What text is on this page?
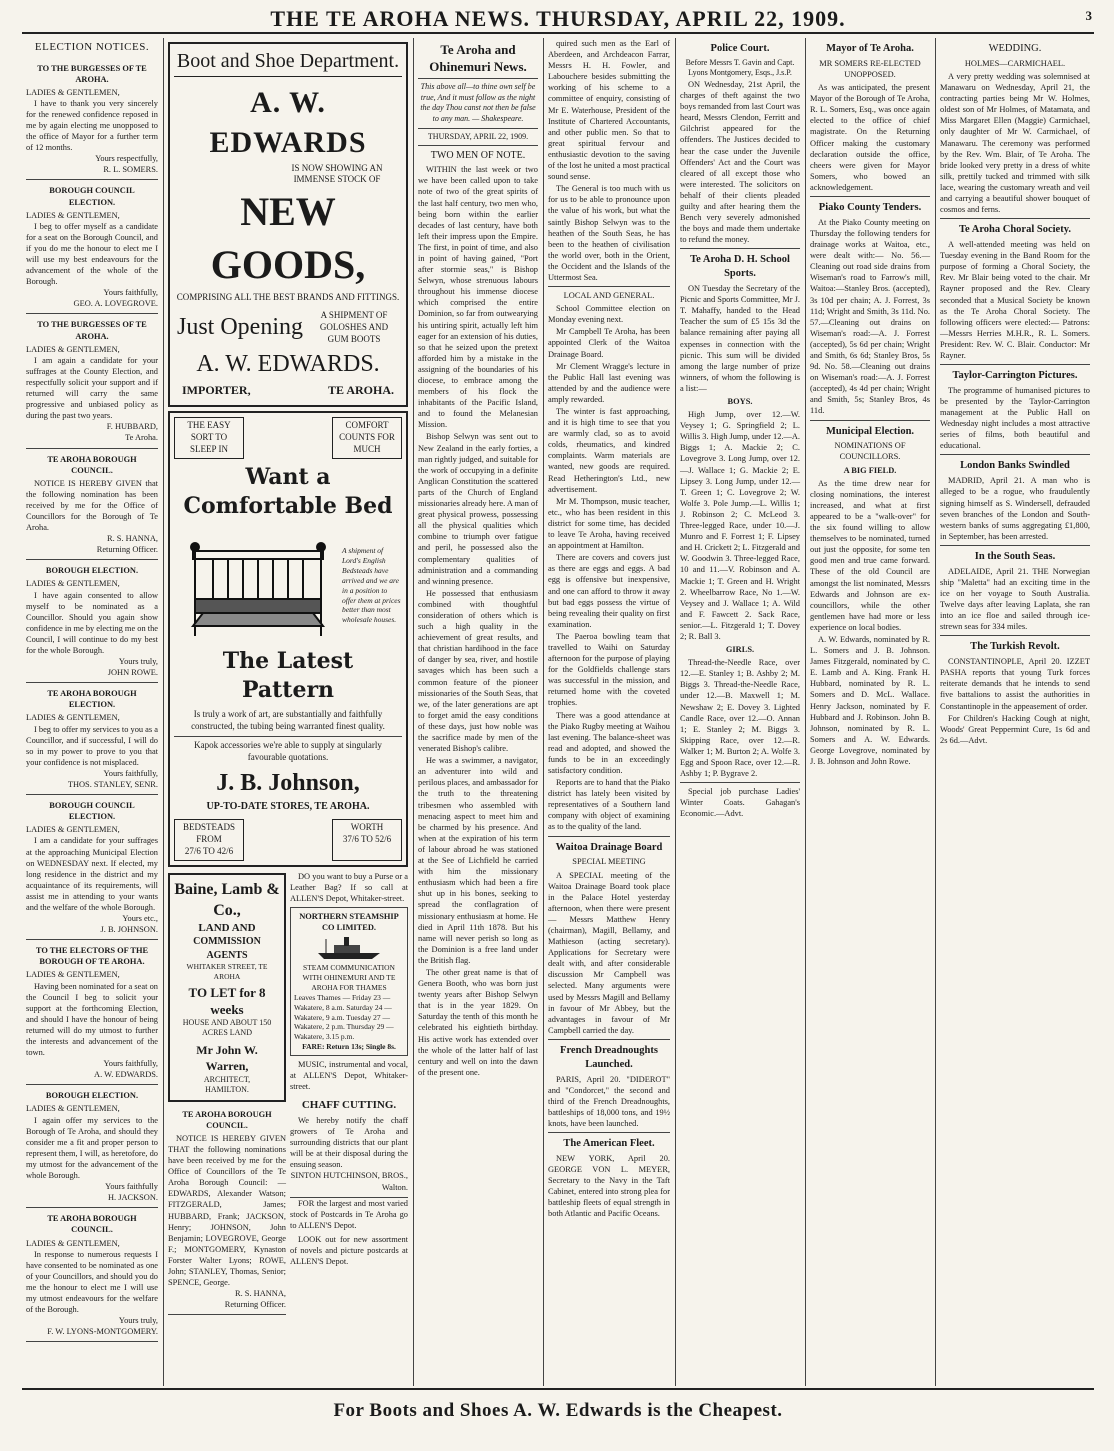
THE TE AROHA NEWS. THURSDAY, APRIL 22, 1909.	3
ELECTION NOTICES.
TO THE BURGESSES OF TE AROHA.
LADIES & GENTLEMEN,

I have to thank you very sincerely for the renewed confidence reposed in me by again electing me unopposed to the office of Mayor for a further term of 12 months.

Yours respectfully,
R. L. SOMERS.
BOROUGH COUNCIL ELECTION.
LADIES & GENTLEMEN,

I beg to offer myself as a candidate for a seat on the Borough Council, and if you do me the honour to elect me I will use my best endeavours for the advancement of the whole of the Borough.

Yours faithfully,
GEO. A. LOVEGROVE.
TO THE BURGESSES OF TE AROHA.
LADIES & GENTLEMEN,

I am again a candidate for your suffrages at the County Election, and respectfully solicit your support and if returned will carry the same progressive and unbiased policy as during the past two years.

F. HUBBARD,
Te Aroha.
TE AROHA BOROUGH COUNCIL.

NOTICE IS HEREBY GIVEN that the following nomination has been received by me for the Office of Councillors for the Borough of Te Aroha.

R. S. HANNA,
Returning Officer.
BOROUGH ELECTION.
LADIES & GENTLEMEN,

I have again consented to allow myself to be nominated as a Councillor. Should you again show confidence in me by electing me on the Council, I will continue to do my best for the whole Borough.

Yours truly,
JOHN ROWE.
TE AROHA BOROUGH ELECTION.
LADIES & GENTLEMEN,

I beg to offer my services to you as a Councillor, and if successful, I will do so in my power to prove to you that your confidence is not misplaced.

Yours faithfully,
THOS. STANLEY, SENR.
BOROUGH COUNCIL ELECTION.
LADIES & GENTLEMEN,

I am a candidate for your suffrages at the approaching Municipal Election on WEDNESDAY next. If elected, my long residence in the district and my acquaintance of its requirements, will assist me in attending to your wants and the welfare of the whole Borough.

Yours etc.,
J. B. JOHNSON.
TO THE ELECTORS OF THE BOROUGH OF TE AROHA.
LADIES & GENTLEMEN,

Having been nominated for a seat on the Council I beg to solicit your support at the forthcoming Election, and should I have the honour of being returned will do my utmost to further the interests and advancement of the town.

Yours faithfully,
A. W. EDWARDS.
BOROUGH ELECTION.
LADIES & GENTLEMEN,

I again offer my services to the Borough of Te Aroha, and should they consider me a fit and proper person to represent them, I will, as heretofore, do my utmost for the advancement of the whole Borough.

Yours faithfully
H. JACKSON.
TE AROHA BOROUGH COUNCIL.
LADIES & GENTLEMEN,

In response to numerous requests I have consented to be nominated as one of your Councillors, and should you do me the honour to elect me I will use my utmost endeavours for the welfare of the Borough.

Yours truly,
F. W. LYONS-MONTGOMERY.
Boot and Shoe Department.
A. W. EDWARDS
IS NOW SHOWING AN IMMENSE STOCK OF
NEW GOODS,
COMPRISING ALL THE BEST BRANDS AND FITTINGS.
Just Opening	A SHIPMENT OF GOLOSHES AND GUM BOOTS
A. W. EDWARDS.
IMPORTER,	TE AROHA.
THE EASY SORT TO SLEEP IN
COMFORT COUNTS FOR MUCH
Want a Comfortable Bed
A shipment of Lord's English Bedsteads have arrived and we are in a position to offer them at prices better than most wholesale houses.
The Latest Pattern

Is truly a work of art, are substantially and faithfully constructed, the tubing being warranted finest quality.

Kapok accessories we're able to supply at singularly favourable quotations.

J. B. Johnson,
UP-TO-DATE STORES, TE AROHA.
BEDSTEADS FROM
27/6 TO 42/6
WORTH
37/6 TO 52/6
Baine, Lamb & Co.,
LAND AND
COMMISSION AGENTS
WHITAKER STREET, TE AROHA
TO LET for 8 weeks
HOUSE AND ABOUT 150 ACRES LAND
Mr John W. Warren,
ARCHITECT,
HAMILTON.
TE AROHA BOROUGH COUNCIL.

NOTICE IS HEREBY GIVEN THAT the following nominations have been received by me for the Office of Councillors of the Te Aroha Borough Council: — EDWARDS, Alexander Watson; FITZGERALD, James; HUBBARD, Frank; JACKSON, Henry; JOHNSON, John Benjamin; LOVEGROVE, George F.; MONTGOMERY, Kynaston Forster Walter Lyons; ROWE, John; STANLEY, Thomas, Senior; SPENCE, George.

R. S. HANNA,
Returning Officer.

DO you want to buy a Purse or a Leather Bag? If so call at ALLEN'S Depot, Whitaker-street.

NORTHERN STEAMSHIP CO LIMITED.
STEAM COMMUNICATION WITH OHINEMURI AND TE AROHA FOR THAMES

Leaves Thames — Friday 23 — Wakatere, 8 a.m. Saturday 24 — Wakatere, 9 a.m. Tuesday 27 — Wakatere, 2 p.m. Thursday 29 — Wakatere, 3.15 p.m.

FARE: Return 13s; Single 8s.

MUSIC, instrumental and vocal, at ALLEN'S Depot, Whitaker-street.

CHAFF CUTTING.

We hereby notify the chaff growers of Te Aroha and surrounding districts that our plant will be at their disposal during the ensuing season.

SINTON HUTCHINSON, BROS., Walton.

FOR the largest and most varied stock of Postcards in Te Aroha go to ALLEN'S Depot.

LOOK out for new assortment of novels and picture postcards at ALLEN'S Depot.

Te Aroha and Ohinemuri News.

This above all—to thine own self be true, And it must follow as the night the day Thou canst not then be false to any man. — Shakespeare.

THURSDAY, APRIL 22, 1909.
TWO MEN OF NOTE.

WITHIN the last week or two we have been called upon to take note of two of the great spirits of the last half century, two men who, being born within the earlier decades of last century, have both left their impress upon the Empire. The first, in point of time, and also in point of having gained, "Port after stormie seas," is Bishop Selwyn, whose strenuous labours throughout his immense diocese which comprised the entire Dominion, so far from outwearying his untiring spirit, actually left him eager for an extension of his duties, so that he seized upon the pretext afforded him by a mistake in the assigning of the boundaries of his diocese, to embrace among the members of his flock the inhabitants of the Pacific Island, and to found the Melanesian Mission.

Bishop Selwyn was sent out to New Zealand in the early forties, a man rightly judged, and suitable for the work of occupying in a definite Anglican Constitution the scattered parts of the Church of England missionaries already here. A man of great physical prowess, possessing all the physical qualities which combine to triumph over fatigue and peril, he possessed also the complementary qualities of administration and a commanding and winning presence.

He possessed that enthusiasm combined with thoughtful consideration of others which is such a high quality in the achievement of great results, and that christian hardihood in the face of danger by sea, river, and hostile savages which has been such a common feature of the pioneer missionaries of the South Seas, that we, of the later generations are apt to forget amid the easy conditions of these days, just how noble was the sacrifice made by men of the venerated Bishop's calibre.

He was a swimmer, a navigator, an adventurer into wild and perilous places, and ambassador for the truth to the threatening tribesmen who assembled with menacing aspect to meet him and be charmed by his presence. And when at the expiration of his term of labour abroad he was stationed at the See of Lichfield he carried with him the missionary enthusiasm which had been a fire shut up in his bones, seeking to spread the conflagration of missionary enthusiasm at home. He died in April 11th 1878. But his name will never perish so long as the Dominion is a free land under the British flag.

The other great name is that of Genera Booth, who was born just twenty years after Bishop Selwyn that is in the year 1829. On Saturday the tenth of this month he celebrated his eightieth birthday. His active work has extended over the whole of the latter half of last century and well on into the dawn of the present one.

quired such men as the Earl of Aberdeen, and Archdeacon Farrar, Messrs H. H. Fowler, and Labouchere besides submitting the working of his scheme to a committee of enquiry, consisting of Mr E. Waterhouse, President of the Institute of Chartered Accountants, and other public men. So that to great spiritual fervour and enthusiastic devotion to the saving of the lost he united a most practical sound sense.

The General is too much with us for us to be able to pronounce upon the value of his work, but what the saintly Bishop Selwyn was to the heathen of the South Seas, he has been to the heathen of civilisation the world over, both in the Orient, the Occident and the Islands of the Uttermost Sea.

LOCAL AND GENERAL.

School Committee election on Monday evening next.

Mr Campbell Te Aroha, has been appointed Clerk of the Waitoa Drainage Board.

Mr Clement Wragge's lecture in the Public Hall last evening was attended by and the audience were amply rewarded.

The winter is fast approaching, and it is high time to see that you are warmly clad, so as to avoid colds, rheumatics, and kindred complaints. Warm materials are wanted, new goods are required. Read Hetherington's Ltd., new advertisement.

Mr M. Thompson, music teacher, etc., who has been resident in this district for some time, has decided to leave Te Aroha, having received an appointment at Hamilton.

There are covers and covers just as there are eggs and eggs. A bad egg is offensive but inexpensive, and one can afford to throw it away but bad eggs possess the virtue of being revealing their quality on first examination.

The Paeroa bowling team that travelled to Waihi on Saturday afternoon for the purpose of playing for the Goldfields challenge stars was successful in the mission, and returned home with the coveted trophies.

There was a good attendance at the Piako Rugby meeting at Waihou last evening. The balance-sheet was read and adopted, and showed the funds to be in an exceedingly satisfactory condition.

Reports are to hand that the Piako district has lately been visited by representatives of a Southern land company with object of examining as to the quality of the land.

Waitoa Drainage Board
SPECIAL MEETING

A SPECIAL meeting of the Waitoa Drainage Board took place in the Palace Hotel yesterday afternoon, when there were present — Messrs Matthew Henry (chairman), Magill, Bellamy, and Mathieson (acting secretary). Applications for Secretary were dealt with, and after considerable discussion Mr Campbell was selected. Many arguments were used by Messrs Magill and Bellamy in favour of Mr Abbey, but the advantages in favour of Mr Campbell carried the day.

French Dreadnoughts Launched.

PARIS, April 20. "DIDEROT" and "Condorcet," the second and third of the French Dreadnoughts, battleships of 18,000 tons, and 19½ knots, have been launched.

The American Fleet.

NEW YORK, April 20. GEORGE VON L. MEYER, Secretary to the Navy in the Taft Cabinet, entered into strong plea for battleship fleets of equal strength in both Atlantic and Pacific Oceans.

Police Court.

Before Messrs T. Gavin and Capt. Lyons Montgomery, Esqs., J.s.P.

ON Wednesday, 21st April, the charges of theft against the two boys remanded from last Court was heard, Messrs Clendon, Ferritt and Gilchrist appeared for the offenders. The Justices decided to hear the case under the Juvenile Offenders' Act and the Court was cleared of all except those who were interested. The solicitors on behalf of their clients pleaded guilty and after hearing them the Bench very severely admonished the boys and made them undertake to refund the money.

Te Aroha D. H. School Sports.

ON Tuesday the Secretary of the Picnic and Sports Committee, Mr J. T. Mahaffy, handed to the Head Teacher the sum of £5 15s 3d the balance remaining after paying all expenses in connection with the picnic. This sum will be divided among the large number of prize winners, of whom the following is a list:—

BOYS.

High Jump, over 12.—W. Veysey 1; G. Springfield 2; L. Willis 3. High Jump, under 12.—A. Biggs 1; A. Mackie 2; C. Lovegrove 3. Long Jump, over 12.—J. Wallace 1; G. Mackie 2; E. Lipsey 3. Long Jump, under 12.—T. Green 1; C. Lovegrove 2; W. Wolfe 3. Pole Jump.—L. Willis 1; J. Robinson 2; C. McLeod 3. Three-legged Race, under 10.—J. Munro and F. Forrest 1; F. Lipsey and H. Crickett 2; L. Fitzgerald and W. Goodwin 3. Three-legged Race, 10 and 11.—V. Robinson and A. Mackie 1; T. Green and H. Wright 2. Wheelbarrow Race, No 1.—W. Veysey and J. Wallace 1; A. Wild and F. Fawcett 2. Sack Race, senior.—L. Fitzgerald 1; T. Dovey 2; R. Ball 3.

GIRLS.

Thread-the-Needle Race, over 12.—E. Stanley 1; B. Ashby 2; M. Biggs 3. Thread-the-Needle Race, under 12.—B. Maxwell 1; M. Newshaw 2; E. Dovey 3. Lighted Candle Race, over 12.—O. Annan 1; E. Stanley 2; M. Biggs 3. Skipping Race, over 12.—R. Walker 1; M. Burton 2; A. Wolfe 3. Egg and Spoon Race, over 12.—R. Ashby 1; P. Bygrave 2.

Special job purchase Ladies' Winter Coats. Gahagan's Economic.—Advt.

Mayor of Te Aroha.
MR SOMERS RE-ELECTED UNOPPOSED.

As was anticipated, the present Mayor of the Borough of Te Aroha, R. L. Somers, Esq., was once again elected to the office of chief magistrate. On the Returning Officer making the customary declaration outside the office, cheers were given for Mayor Somers, who bowed an acknowledgement.

Piako County Tenders.

At the Piako County meeting on Thursday the following tenders for drainage works at Waitoa, etc., were dealt with:— No. 56.—Cleaning out road side drains from Wiseman's road to Farrow's mill, Waitoa:—Stanley Bros. (accepted), 3s 10d per chain; A. J. Forrest, 3s 11d; Wright and Smith, 3s 11d. No. 57.—Cleaning out drains on Wiseman's road:—A. J. Forrest (accepted), 5s 6d per chain; Wright and Smith, 6s 6d; Stanley Bros, 5s 9d. No. 58.—Cleaning out drains on Wiseman's road:—A. J. Forrest (accepted), 4s 4d per chain; Wright and Smith, 5s; Stanley Bros, 4s 11d.

Municipal Election.
NOMINATIONS OF COUNCILLORS.
A BIG FIELD.

As the time drew near for closing nominations, the interest increased, and what at first appeared to be a "walk-over" for the six found willing to allow themselves to be nominated, turned out just the opposite, for some ten good men and true came forward. These of the old Council are amongst the list nominated, Messrs Edwards and Johnson are ex-councillors, while the other gentlemen have had more or less experience on local bodies.

A. W. Edwards, nominated by R. L. Somers and J. B. Johnson. James Fitzgerald, nominated by C. E. Lamb and A. King. Frank H. Hubbard, nominated by R. L. Somers and D. McL. Wallace. Henry Jackson, nominated by F. Hubbard and J. Robinson. John B. Johnson, nominated by R. L. Somers and A. W. Edwards. George Lovegrove, nominated by J. B. Johnson and John Rowe.

WEDDING.
HOLMES—CARMICHAEL.

A very pretty wedding was solemnised at Manawaru on Wednesday, April 21, the contracting parties being Mr W. Holmes, oldest son of Mr Holmes, of Matamata, and Miss Margaret Ellen (Maggie) Carmichael, only daughter of Mr W. Carmichael, of Manawaru. The ceremony was performed by the Rev. Wm. Blair, of Te Aroha. The bride looked very pretty in a dress of white silk, prettily tucked and trimmed with silk lace, wearing the customary wreath and veil and carrying a beautiful shower bouquet of cosmos and ferns.

Te Aroha Choral Society.

A well-attended meeting was held on Tuesday evening in the Band Room for the purpose of forming a Choral Society, the Rev. Mr Blair being voted to the chair. Mr Rayner proposed and the Rev. Cleary seconded that a Musical Society be known as the Te Aroha Choral Society. The following officers were elected:— Patrons:—Messrs Herries M.H.R., R. L. Somers. President: Rev. W. C. Blair. Conductor: Mr Rayner.

Taylor-Carrington Pictures.

The programme of humanised pictures to be presented by the Taylor-Carrington management at the Public Hall on Wednesday night includes a most attractive series of films, both beautiful and educational.

London Banks Swindled

MADRID, April 21. A man who is alleged to be a rogue, who fraudulently signing himself as S. Windersell, defrauded seven branches of the London and South-western banks of sums aggregating £1,800, in September, has been arrested.

In the South Seas.

ADELAIDE, April 21. THE Norwegian ship "Maletta" had an exciting time in the ice on her voyage to South Australia. Twelve days after leaving Laplata, she ran into an ice floe and sailed through ice-strewn seas for 334 miles.

The Turkish Revolt.

CONSTANTINOPLE, April 20. IZZET PASHA reports that young Turk forces reiterate demands that he intends to send five battalions to assist the authorities in Constantinople in the appeasement of order.

For Children's Hacking Cough at night, Woods' Great Peppermint Cure, 1s 6d and 2s 6d.—Advt.

For Boots and Shoes A. W. Edwards is the Cheapest.
